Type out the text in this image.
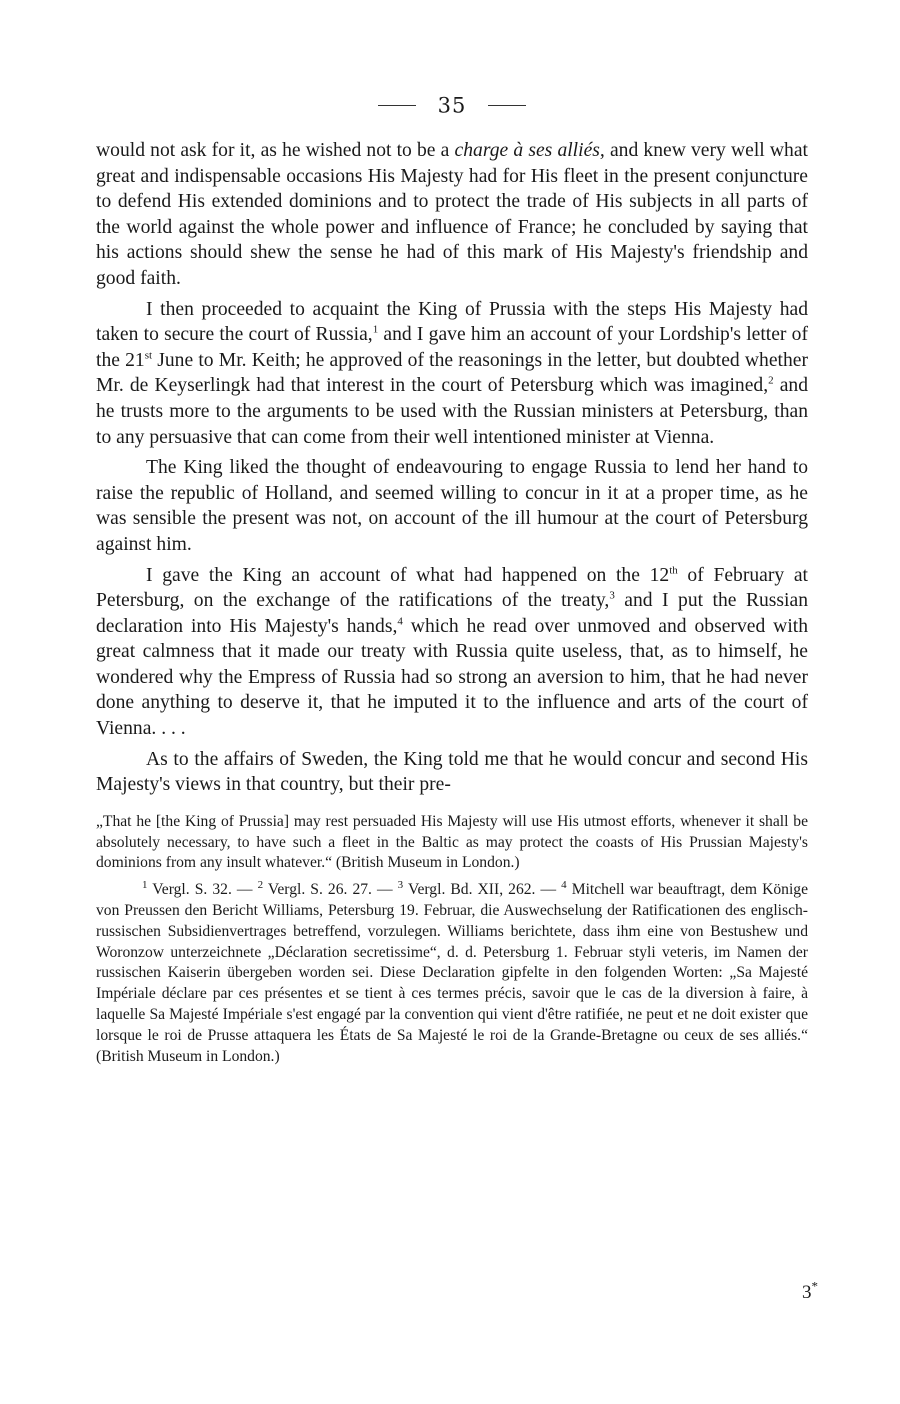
35

would not ask for it, as he wished not to be a charge à ses alliés, and knew very well what great and indispensable occasions His Majesty had for His fleet in the present conjuncture to defend His extended dominions and to protect the trade of His subjects in all parts of the world against the whole power and influence of France; he concluded by saying that his actions should shew the sense he had of this mark of His Majesty's friendship and good faith.

I then proceeded to acquaint the King of Prussia with the steps His Majesty had taken to secure the court of Russia,$^1$ and I gave him an account of your Lordship's letter of the 21st June to Mr. Keith; he approved of the reasonings in the letter, but doubted whether Mr. de Keyserlingk had that interest in the court of Petersburg which was imagined,$^2$ and he trusts more to the arguments to be used with the Russian ministers at Petersburg, than to any persuasive that can come from their well intentioned minister at Vienna.

The King liked the thought of endeavouring to engage Russia to lend her hand to raise the republic of Holland, and seemed willing to concur in it at a proper time, as he was sensible the present was not, on account of the ill humour at the court of Petersburg against him.

I gave the King an account of what had happened on the 12th of February at Petersburg, on the exchange of the ratifications of the treaty,$^3$ and I put the Russian declaration into His Majesty's hands,$^4$ which he read over unmoved and observed with great calmness that it made our treaty with Russia quite useless, that, as to himself, he wondered why the Empress of Russia had so strong an aversion to him, that he had never done anything to deserve it, that he imputed it to the influence and arts of the court of Vienna. . . .

As to the affairs of Sweden, the King told me that he would concur and second His Majesty's views in that country, but their pre-

„That he [the King of Prussia] may rest persuaded His Majesty will use His utmost efforts, whenever it shall be absolutely necessary, to have such a fleet in the Baltic as may protect the coasts of His Prussian Majesty's dominions from any insult whatever.“ (British Museum in London.)

$^1$ Vergl. S. 32. — $^2$ Vergl. S. 26. 27. — $^3$ Vergl. Bd. XII, 262. — $^4$ Mitchell war beauftragt, dem Könige von Preussen den Bericht Williams, Petersburg 19. Februar, die Auswechselung der Ratificationen des englisch-russischen Subsidienvertrages betreffend, vorzulegen. Williams berichtete, dass ihm eine von Bestushew und Woronzow unterzeichnete „Déclaration secretissime“, d. d. Petersburg 1. Februar styli veteris, im Namen der russischen Kaiserin übergeben worden sei. Diese Declaration gipfelte in den folgenden Worten: „Sa Majesté Impériale déclare par ces présentes et se tient à ces termes précis, savoir que le cas de la diversion à faire, à laquelle Sa Majesté Impériale s'est engagé par la convention qui vient d'être ratifiée, ne peut et ne doit exister que lorsque le roi de Prusse attaquera les États de Sa Majesté le roi de la Grande-Bretagne ou ceux de ses alliés.“ (British Museum in London.)

3*
